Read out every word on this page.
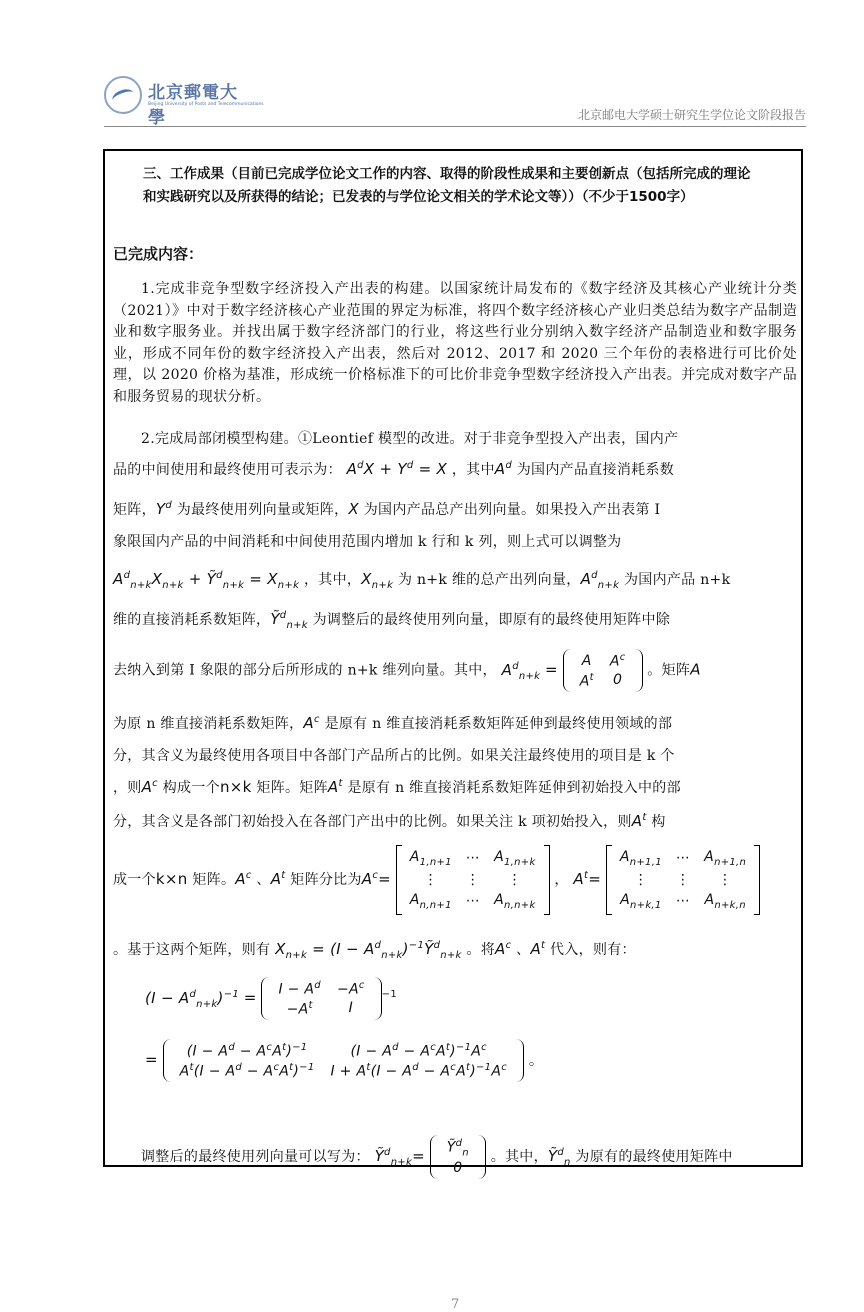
北京郵電大學
Beijing University of Posts and Telecommunications
北京邮电大学硕士研究生学位论文阶段报告
三、工作成果（目前已完成学位论文工作的内容、取得的阶段性成果和主要创新点（包括所完成的理论和实践研究以及所获得的结论；已发表的与学位论文相关的学术论文等））（不少于1500字）
已完成内容：
1.完成非竞争型数字经济投入产出表的构建。以国家统计局发布的《数字经济及其核心产业统计分类（2021）》中对于数字经济核心产业范围的界定为标准，将四个数字经济核心产业归类总结为数字产品制造业和数字服务业。并找出属于数字经济部门的行业，将这些行业分别纳入数字经济产品制造业和数字服务业，形成不同年份的数字经济投入产出表，然后对 2012、2017 和 2020 三个年份的表格进行可比价处理，以 2020 价格为基准，形成统一价格标准下的可比价非竞争型数字经济投入产出表。并完成对数字产品和服务贸易的现状分析。
2.完成局部闭模型构建。①Leontief 模型的改进。对于非竞争型投入产出表，国内产
品的中间使用和最终使用可表示为： $A^dX + Y^d = X$ ，其中$A^d$ 为国内产品直接消耗系数
矩阵，$Y^d$ 为最终使用列向量或矩阵，X 为国内产品总产出列向量。如果投入产出表第 I
象限国内产品的中间消耗和中间使用范围内增加 k 行和 k 列，则上式可以调整为
$A^d_{n+k}X_{n+k}$ + Ỹ$^d_{n+k}$ = $X_{n+k}$ ，其中，$X_{n+k}$ 为 n+k 维的总产出列向量，$A^d_{n+k}$ 为国内产品 n+k
维的直接消耗系数矩阵，Ỹ$^d_{n+k}$ 为调整后的最终使用列向量，即原有的最终使用矩阵中除
去纳入到第 I 象限的部分后所形成的 n+k 维列向量。其中， $A^d_{n+k} = A$	$A^c$
$A^t$	0
。矩阵A
为原 n 维直接消耗系数矩阵，$A^c$ 是原有 n 维直接消耗系数矩阵延伸到最终使用领域的部
分，其含义为最终使用各项目中各部门产品所占的比例。如果关注最终使用的项目是 k 个
，则$A^c$ 构成一个n×k 矩阵。矩阵$A^t$ 是原有 n 维直接消耗系数矩阵延伸到初始投入中的部
分，其含义是各部门初始投入在各部门产出中的比例。如果关注 k 项初始投入，则$A^t$ 构
成一个k×n 矩阵。$A^c$ 、$A^t$ 矩阵分比为$A^c=$
$A_{1,n+1}$	⋯	$A_{1,n+k}$
⋮	⋮	⋮
$A_{n,n+1}$	⋯	$A_{n,n+k}$
， $A^t=$
$A_{n+1,1}$	⋯	$A_{n+1,n}$
⋮	⋮	⋮
$A_{n+k,1}$	⋯	$A_{n+k,n}$
。基于这两个矩阵，则有 $X_{n+k} = (I$ − $A^d_{n+k})^{-1}Ỹ^d_{n+k}$ 。将$A^c$ 、$A^t$ 代入，则有：
$(I - A^d_{n+k})^{-1} = I - A^d$	$-A^c$
$-A^t$	I
$^{-1}$
= $(I - A^d - A^cA^t)^{-1}$	$(I - A^d - A^cA^t)^{-1}A^c$
$A^t(I - A^d - A^cA^t)^{-1}$	$I + A^t(I - A^d - A^cA^t)^{-1}A^c$ 。
调整后的最终使用列向量可以写为： Ỹ$^d_{n+k}$= Ỹ$^d_n$
0
。其中，Ỹ$^d_n$ 为原有的最终使用矩阵中
7
